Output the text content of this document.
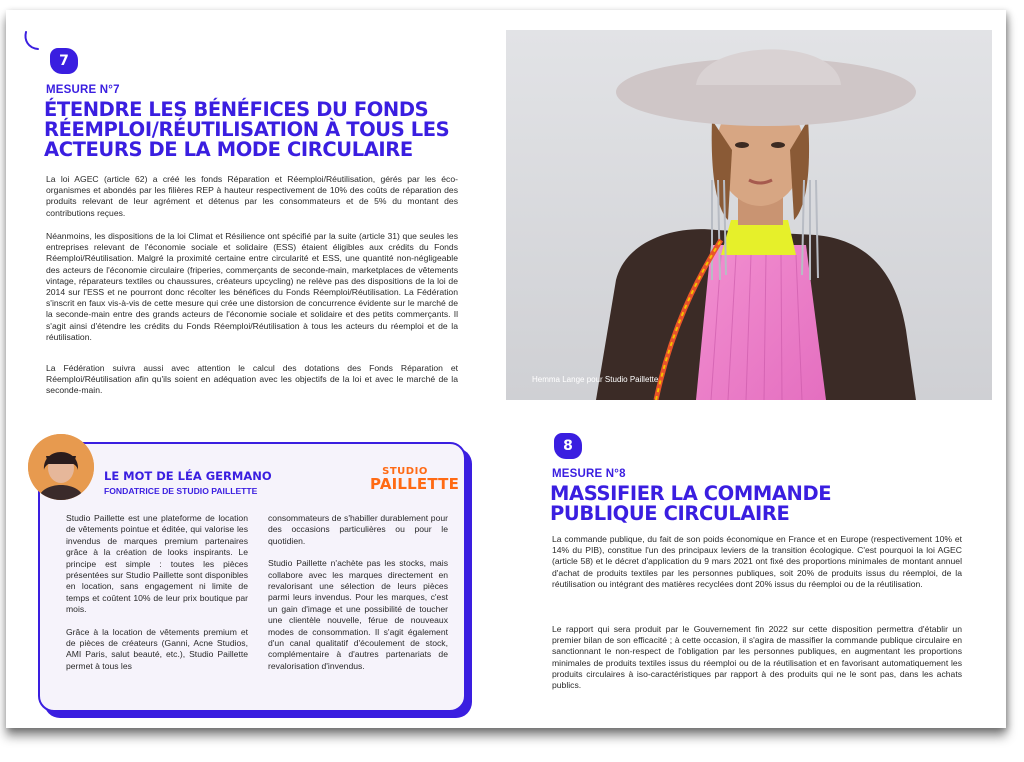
7
MESURE N°7
ÉTENDRE LES BÉNÉFICES DU FONDS
RÉEMPLOI/RÉUTILISATION À TOUS LES
ACTEURS DE LA MODE CIRCULAIRE
La loi AGEC (article 62) a créé les fonds Réparation et Réemploi/Réutilisation, gérés par les éco-organismes et abondés par les filières REP à hauteur respectivement de 10% des coûts de réparation des produits relevant de leur agrément et détenus par les consommateurs et de 5% du montant des contributions reçues.
Néanmoins, les dispositions de la loi Climat et Résilience ont spécifié par la suite (article 31) que seules les entreprises relevant de l'économie sociale et solidaire (ESS) étaient éligibles aux crédits du Fonds Réemploi/Réutilisation. Malgré la proximité certaine entre circularité et ESS, une quantité non-négligeable des acteurs de l'économie circulaire (friperies, commerçants de seconde-main, marketplaces de vêtements vintage, réparateurs textiles ou chaussures, créateurs upcycling) ne relève pas des dispositions de la loi de 2014 sur l'ESS et ne pourront donc récolter les bénéfices du Fonds Réemploi/Réutilisation. La Fédération s'inscrit en faux vis-à-vis de cette mesure qui crée une distorsion de concurrence évidente sur le marché de la seconde-main entre des grands acteurs de l'économie sociale et solidaire et des petits commerçants. Il s'agit ainsi d'étendre les crédits du Fonds Réemploi/Réutilisation à tous les acteurs du réemploi et de la réutilisation.
La Fédération suivra aussi avec attention le calcul des dotations des Fonds Réparation et Réemploi/Réutilisation afin qu'ils soient en adéquation avec les objectifs de la loi et avec le marché de la seconde-main.
Hemma Lange pour Studio Paillette
LE MOT DE LÉA GERMANO
FONDATRICE DE STUDIO PAILLETTE
STUDIO
PAILLETTE

Studio Paillette est une plateforme de location de vêtements pointue et éditée, qui valorise les invendus de marques premium partenaires grâce à la création de looks inspirants. Le principe est simple : toutes les pièces présentées sur Studio Paillette sont disponibles en location, sans engagement ni limite de temps et coûtent 10% de leur prix boutique par mois.

Grâce à la location de vêtements premium et de pièces de créateurs (Ganni, Acne Studios, AMI Paris, salut beauté, etc.), Studio Paillette permet à tous les

consommateurs de s'habiller durablement pour des occasions particulières ou pour le quotidien.

Studio Paillette n'achète pas les stocks, mais collabore avec les marques directement en revalorisant une sélection de leurs pièces parmi leurs invendus. Pour les marques, c'est un gain d'image et une possibilité de toucher une clientèle nouvelle, férue de nouveaux modes de consommation. Il s'agit également d'un canal qualitatif d'écoulement de stock, complémentaire à d'autres partenariats de revalorisation d'invendus.

8
MESURE N°8
MASSIFIER LA COMMANDE
PUBLIQUE CIRCULAIRE
La commande publique, du fait de son poids économique en France et en Europe (respectivement 10% et 14% du PIB), constitue l'un des principaux leviers de la transition écologique. C'est pourquoi la loi AGEC (article 58) et le décret d'application du 9 mars 2021 ont fixé des proportions minimales de montant annuel d'achat de produits textiles par les personnes publiques, soit 20% de produits issus du réemploi, de la réutilisation ou intégrant des matières recyclées dont 20% issus du réemploi ou de la réutilisation.
Le rapport qui sera produit par le Gouvernement fin 2022 sur cette disposition permettra d'établir un premier bilan de son efficacité ; à cette occasion, il s'agira de massifier la commande publique circulaire en sanctionnant le non-respect de l'obligation par les personnes publiques, en augmentant les proportions minimales de produits textiles issus du réemploi ou de la réutilisation et en favorisant automatiquement les produits circulaires à iso-caractéristiques par rapport à des produits qui ne le sont pas, dans les achats publics.
